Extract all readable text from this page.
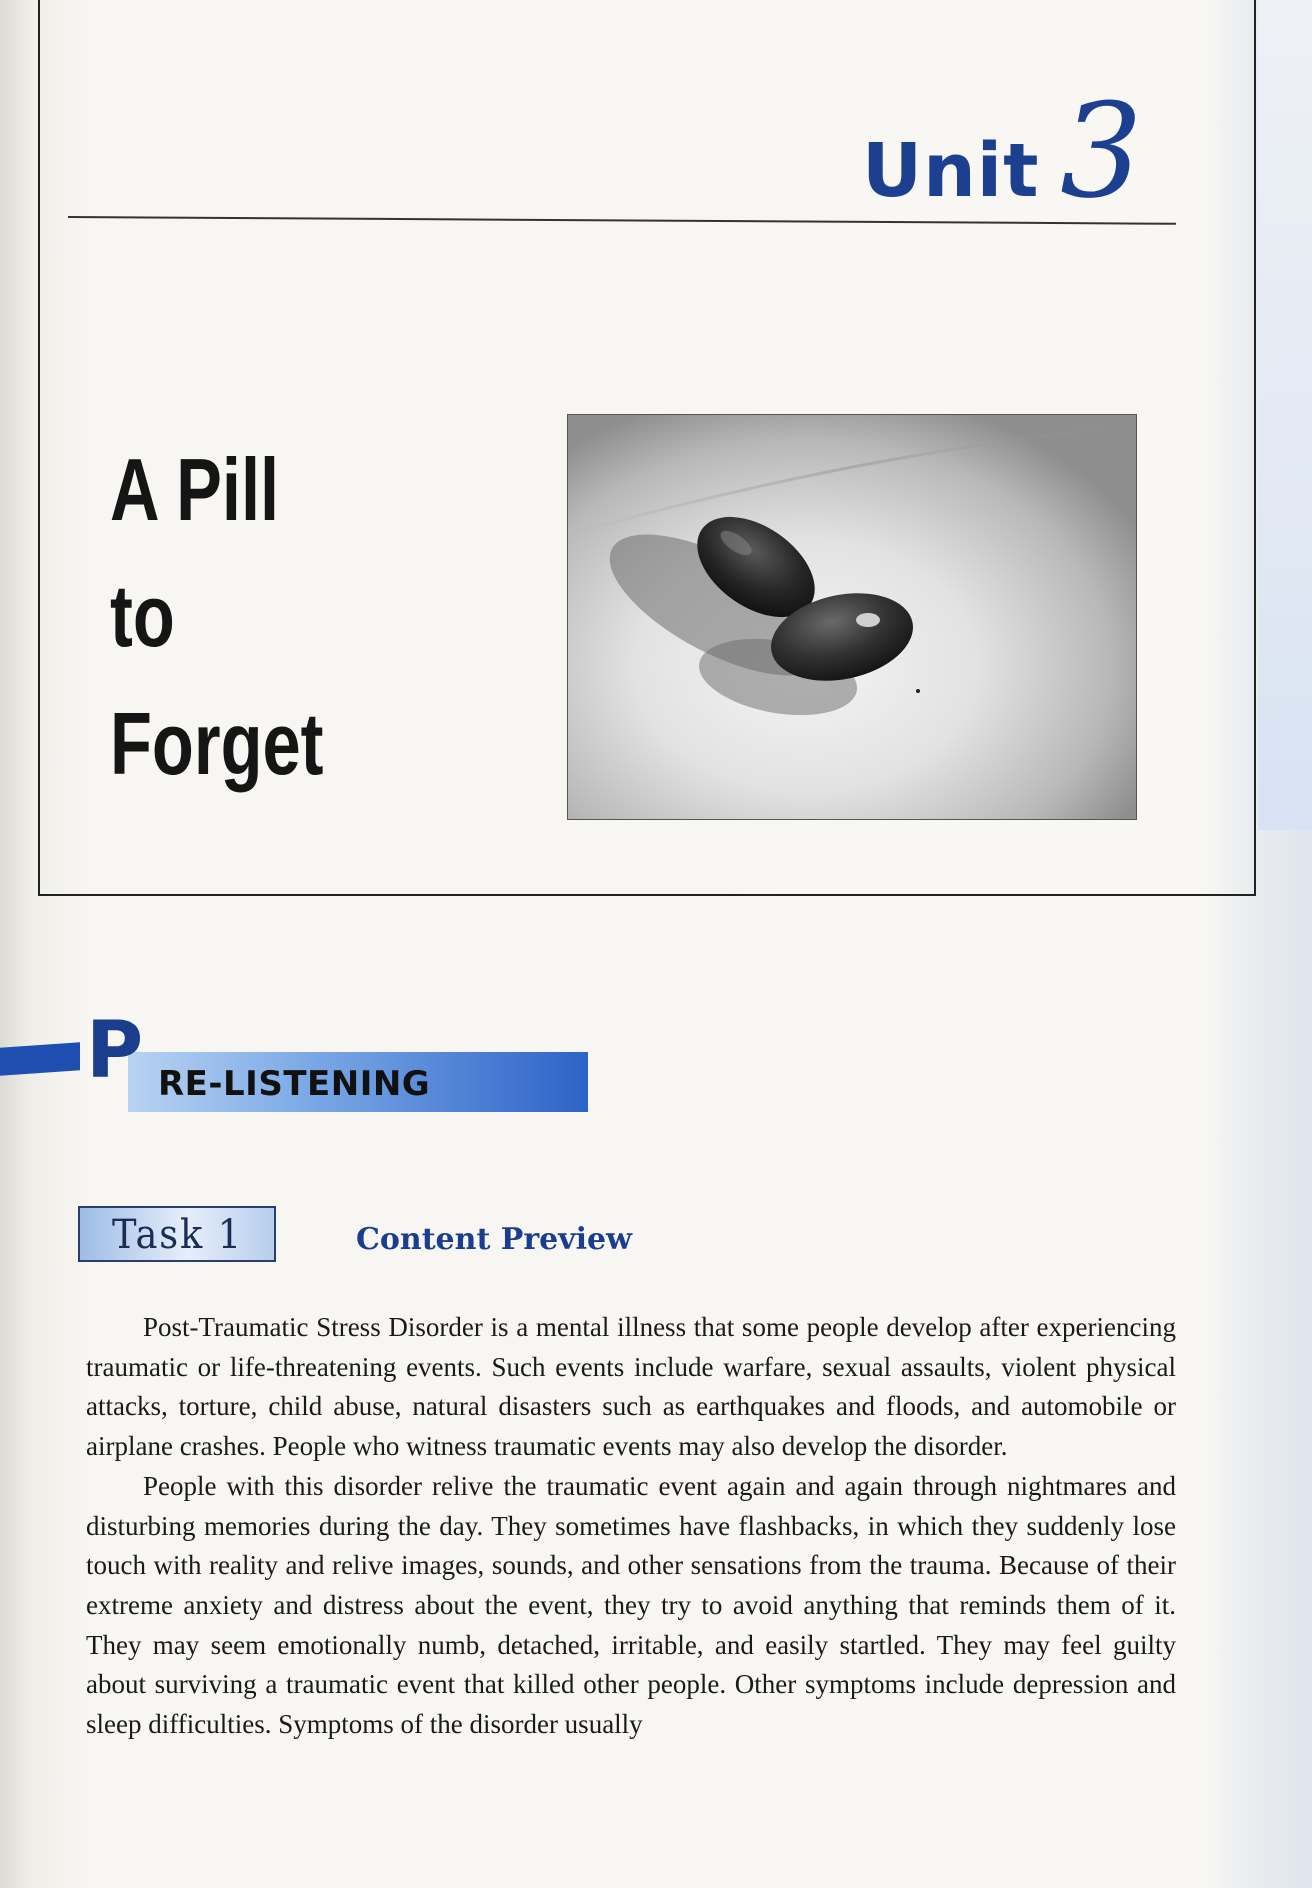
Unit 3
A Pill
to
Forget
P RE-LISTENING
Task 1	Content Preview

Post-Traumatic Stress Disorder is a mental illness that some people develop after experiencing traumatic or life-threatening events. Such events include warfare, sexual assaults, violent physical attacks, torture, child abuse, natural disasters such as earthquakes and floods, and automobile or airplane crashes. People who witness traumatic events may also develop the disorder.

People with this disorder relive the traumatic event again and again through nightmares and disturbing memories during the day. They sometimes have flashbacks, in which they suddenly lose touch with reality and relive images, sounds, and other sensations from the trauma. Because of their extreme anxiety and distress about the event, they try to avoid anything that reminds them of it. They may seem emotionally numb, detached, irritable, and easily startled. They may feel guilty about surviving a traumatic event that killed other people. Other symptoms include depression and sleep difficulties. Symptoms of the disorder usually
